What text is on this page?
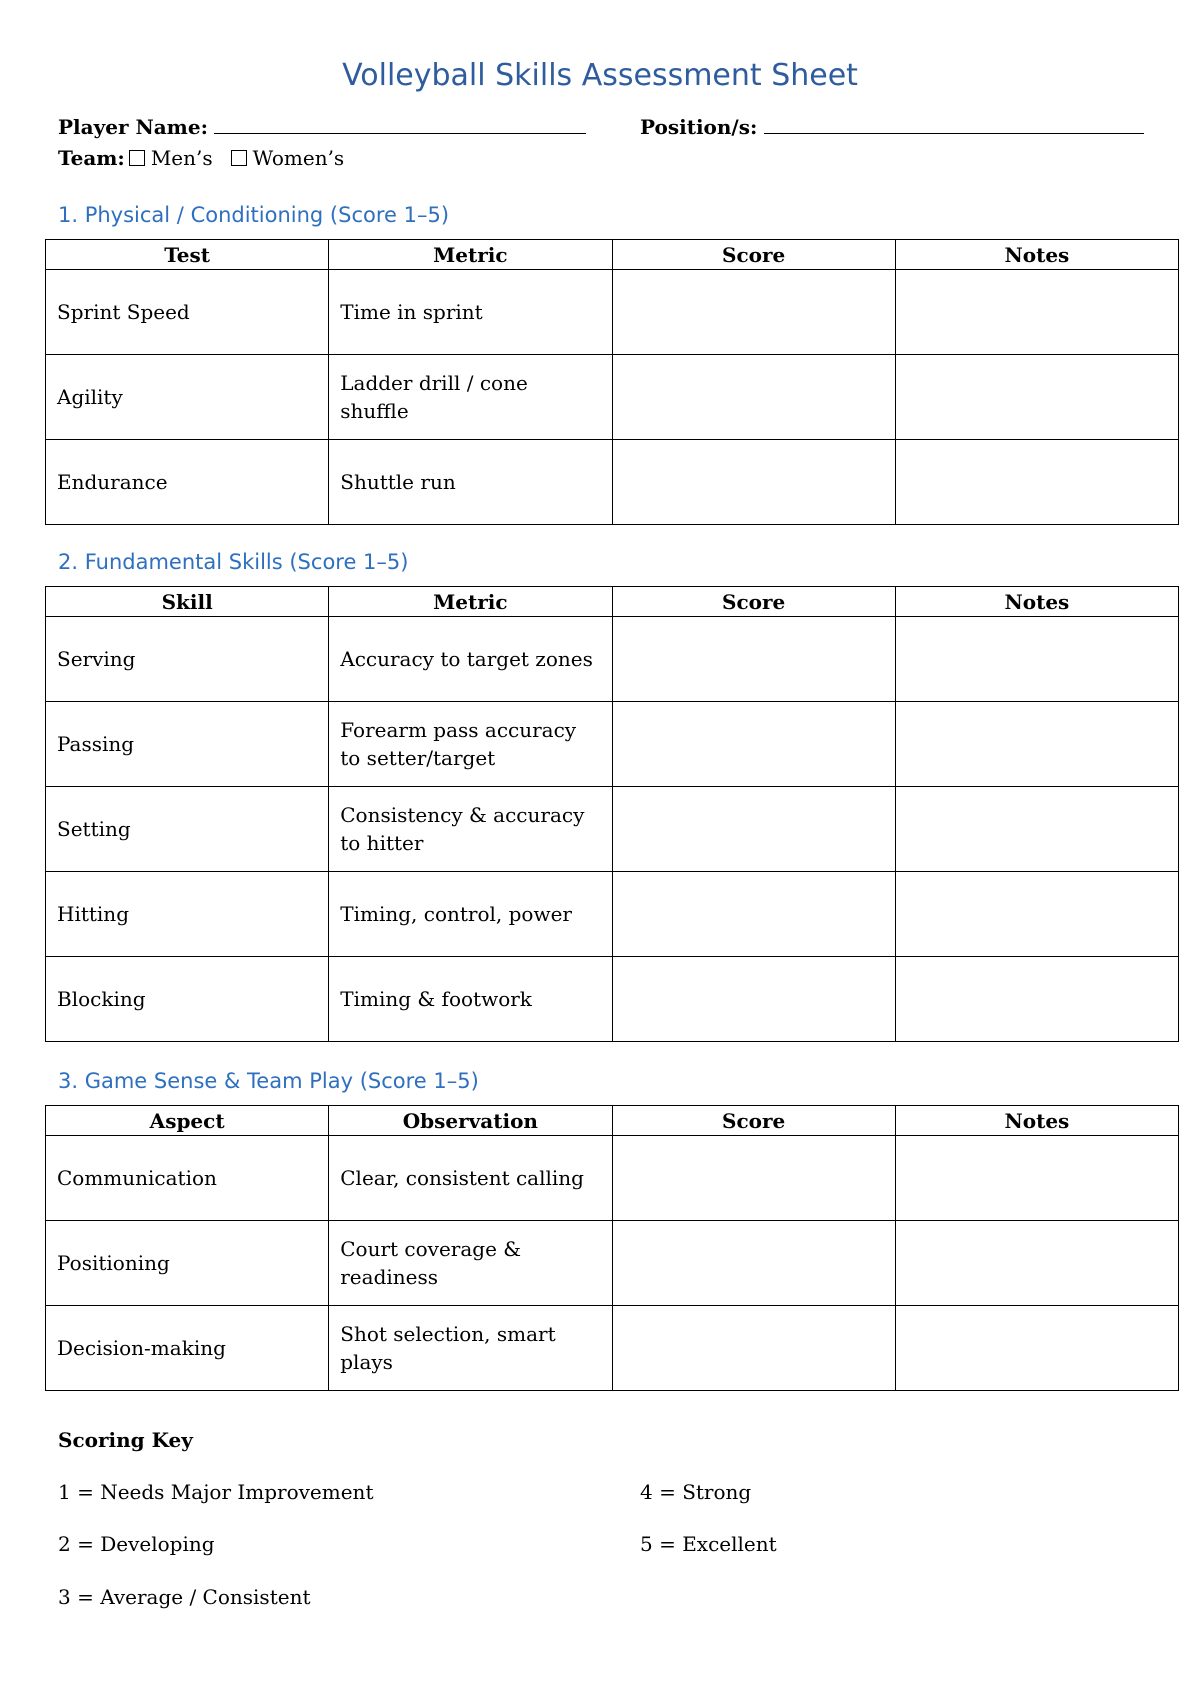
Volleyball Skills Assessment Sheet
Player Name:	Position/s:
Team: Men’s Women’s
1. Physical / Conditioning (Score 1–5)
Test	Metric	Score	Notes
Sprint Speed	Time in sprint		
Agility	Ladder drill / cone shuffle		
Endurance	Shuttle run		
2. Fundamental Skills (Score 1–5)
Skill	Metric	Score	Notes
Serving	Accuracy to target zones		
Passing	Forearm pass accuracy to setter/target		
Setting	Consistency & accuracy to hitter		
Hitting	Timing, control, power		
Blocking	Timing & footwork		
3. Game Sense & Team Play (Score 1–5)
Aspect	Observation	Score	Notes
Communication	Clear, consistent calling		
Positioning	Court coverage & readiness		
Decision-making	Shot selection, smart plays		
Scoring Key
1 = Needs Major Improvement
2 = Developing
3 = Average / Consistent
4 = Strong
5 = Excellent
